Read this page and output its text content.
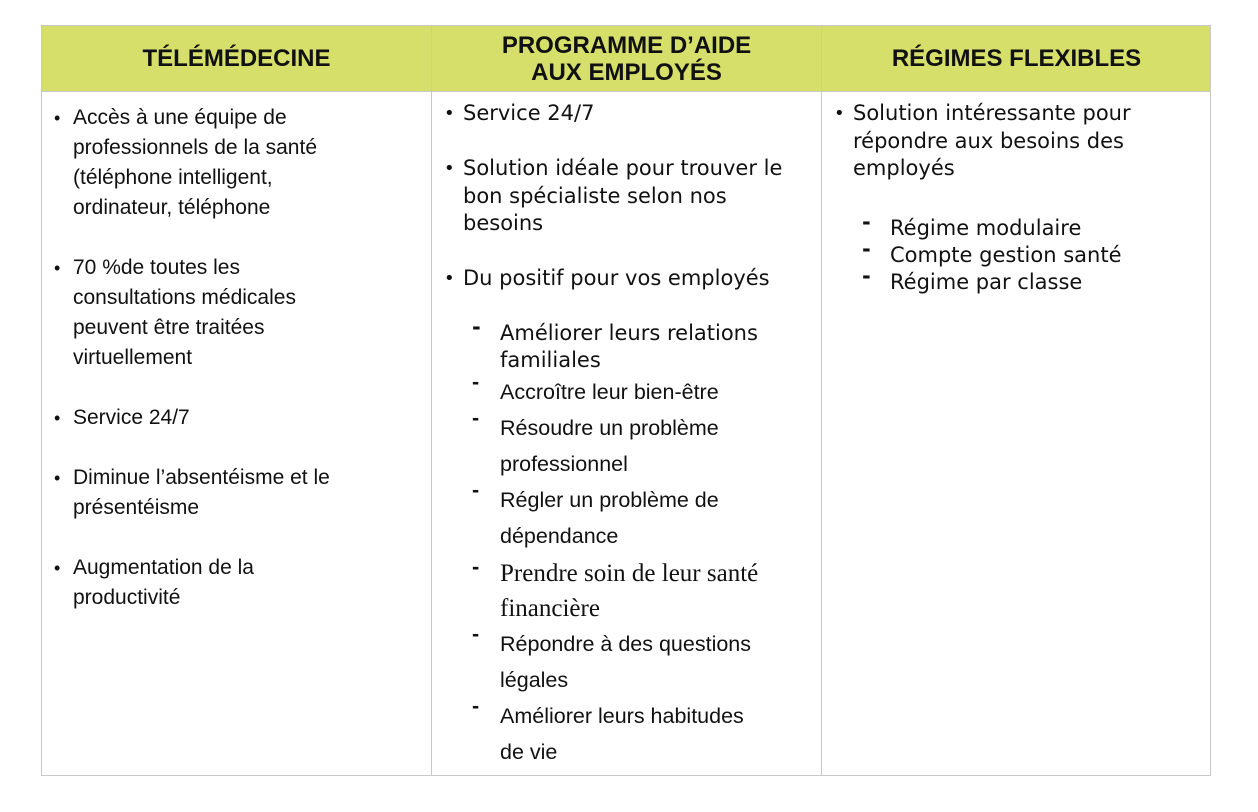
TÉLÉMÉDECINE	PROGRAMME D’AIDE
AUX EMPLOYÉS	RÉGIMES FLEXIBLES
• Accès à une équipe de
professionnels de la santé
(téléphone intelligent,
ordinateur, téléphone
• 70 %de toutes les
consultations médicales
peuvent être traitées
virtuellement
• Service 24/7
• Diminue l’absentéisme et le
présentéisme
• Augmentation de la
productivité
• Service 24/7
• Solution idéale pour trouver le
bon spécialiste selon nos
besoins
• Du positif pour vos employés
- Améliorer leurs relations
familiales
- Accroître leur bien-être
- Résoudre un problème
professionnel
- Régler un problème de
dépendance
- Prendre soin de leur santé
financière
- Répondre à des questions
légales
- Améliorer leurs habitudes
de vie
• Solution intéressante pour
répondre aux besoins des
employés
- Régime modulaire
- Compte gestion santé
- Régime par classe
